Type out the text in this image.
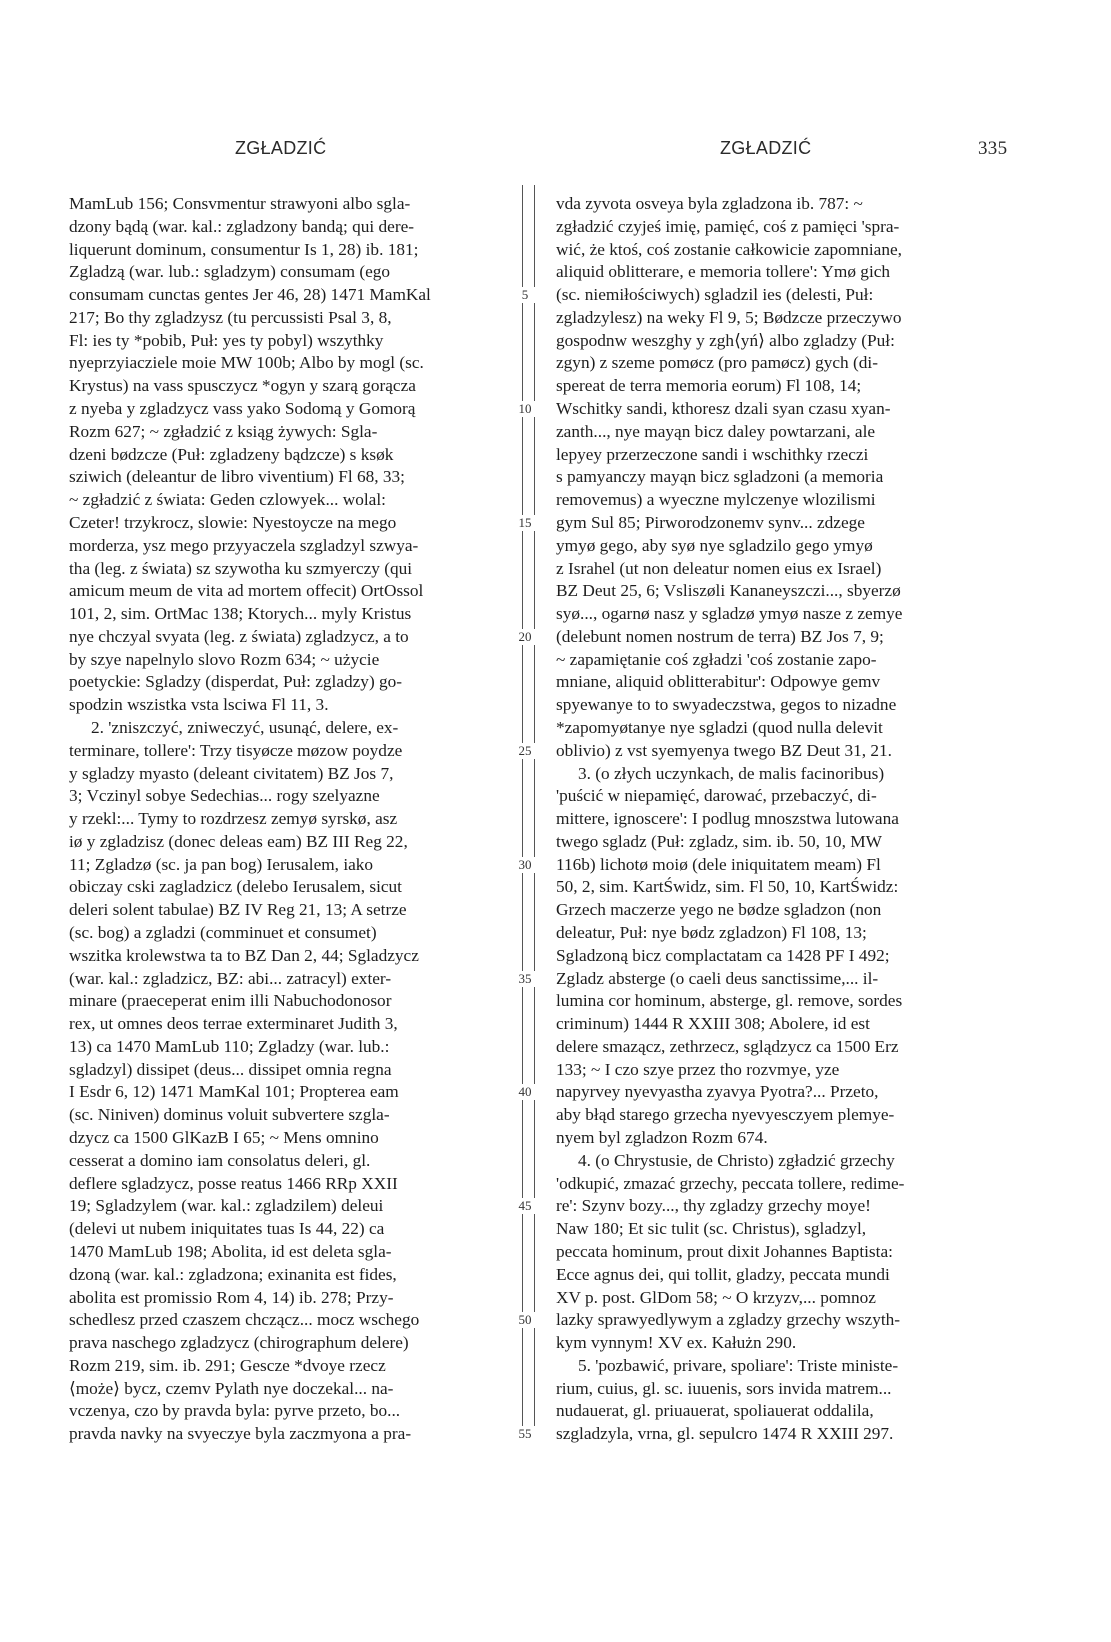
ZGŁADZIĆ	ZGŁADZIĆ	335
5
10
15
20
25
30
35
40
45
50
55
MamLub 156; Consvmentur strawyoni albo sgla-
dzony bądą (war. kal.: zgladzony bandą; qui dere-
liquerunt dominum, consumentur Is 1, 28) ib. 181;
Zgladzą (war. lub.: sgladzym) consumam (ego
consumam cunctas gentes Jer 46, 28) 1471 MamKal
217; Bo thy zgladzysz (tu percussisti Psal 3, 8,
Fl: ies ty *pobib, Puł: yes ty pobyl) wszythky
nyeprzyiacziele moie MW 100b; Albo by mogl (sc.
Krystus) na vass spusczycz *ogyn y szarą gorącza
z nyeba y zgladzycz vass yako Sodomą y Gomorą
Rozm 627; ~ zgładzić z ksiąg żywych: Sgla-
dzeni bødzcze (Puł: zgladzeny bądzcze) s ksøk
sziwich (deleantur de libro viventium) Fl 68, 33;
~ zgładzić z świata: Geden czlowyek... wolal:
Czeter! trzykrocz, slowie: Nyestoycze na mego
morderza, ysz mego przyyaczela szgladzyl szwya-
tha (leg. z świata) sz szywotha ku szmyerczy (qui
amicum meum de vita ad mortem offecit) OrtOssol
101, 2, sim. OrtMac 138; Ktorych... myly Kristus
nye chczyal svyata (leg. z świata) zgladzycz, a to
by szye napelnylo slovo Rozm 634; ~ użycie
poetyckie: Sgladzy (disperdat, Puł: zgladzy) go-
spodzin wszistka vsta lsciwa Fl 11, 3.
2. 'zniszczyć, zniweczyć, usunąć, delere, ex-
terminare, tollere': Trzy tisyøcze møzow poydze
y sgladzy myasto (deleant civitatem) BZ Jos 7,
3; Vczinyl sobye Sedechias... rogy szelyazne
y rzekl:... Tymy to rozdrzesz zemyø syrskø, asz
iø y zgladzisz (donec deleas eam) BZ III Reg 22,
11; Zgladzø (sc. ja pan bog) Ierusalem, iako
obiczay cski zagladzicz (delebo Ierusalem, sicut
deleri solent tabulae) BZ IV Reg 21, 13; A setrze
(sc. bog) a zgladzi (comminuet et consumet)
wszitka krolewstwa ta to BZ Dan 2, 44; Sgladzycz
(war. kal.: zgladzicz, BZ: abi... zatracyl) exter-
minare (praeceperat enim illi Nabuchodonosor
rex, ut omnes deos terrae exterminaret Judith 3,
13) ca 1470 MamLub 110; Zgladzy (war. lub.:
sgladzyl) dissipet (deus... dissipet omnia regna
I Esdr 6, 12) 1471 MamKal 101; Propterea eam
(sc. Niniven) dominus voluit subvertere szgla-
dzycz ca 1500 GlKazB I 65; ~ Mens omnino
cesserat a domino iam consolatus deleri, gl.
deflere sgladzycz, posse reatus 1466 RRp XXII
19; Sgladzylem (war. kal.: zgladzilem) deleui
(delevi ut nubem iniquitates tuas Is 44, 22) ca
1470 MamLub 198; Abolita, id est deleta sgla-
dzoną (war. kal.: zgladzona; exinanita est fides,
abolita est promissio Rom 4, 14) ib. 278; Przy-
schedlesz przed czaszem chcząсz... mocz wschego
prava naschego zgladzycz (chirographum delere)
Rozm 219, sim. ib. 291; Gescze *dvoye rzecz
⟨może⟩ bycz, czemv Pylath nye doczekal... na-
vczenya, czo by pravda byla: pyrve przeto, bo...
pravda navky na svyeczye byla zaczmyona a pra-
vda zyvota osveya byla zgladzona ib. 787: ~
zgładzić czyjeś imię, pamięć, coś z pamięci 'spra-
wić, że ktoś, coś zostanie całkowicie zapomniane,
aliquid oblitterare, e memoria tollere': Ymø gich
(sc. niemiłościwych) sgladzil ies (delesti, Puł:
zgladzylesz) na weky Fl 9, 5; Bødzcze przeczywo
gospodnw weszghy y zgh⟨yń⟩ albo zgladzy (Puł:
zgyn) z szeme pomøcz (pro pamøcz) gych (di-
spereat de terra memoria eorum) Fl 108, 14;
Wschitky sandi, kthoresz dzali syan czasu xyan-
zanth..., nye mayąn bicz daley powtarzani, ale
lepyey przerzeczone sandi i wschithky rzeczi
s pamyanczy mayąn bicz sgladzoni (a memoria
removemus) a wyeczne mylczenye wlozilismi
gym Sul 85; Pirworodzonemv synv... zdzege
ymyø gego, aby syø nye sgladzilo gego ymyø
z Israhel (ut non deleatur nomen eius ex Israel)
BZ Deut 25, 6; Vsliszøli Kananeyszczi..., sbyerzø
syø..., ogarnø nasz y sgladzø ymyø nasze z zemye
(delebunt nomen nostrum de terra) BZ Jos 7, 9;
~ zapamiętanie coś zgładzi 'coś zostanie zapo-
mniane, aliquid oblitterabitur': Odpowye gemv
spyewanye to to swyadeczstwa, gegos to nizadne
*zapomyøtanye nye sgladzi (quod nulla delevit
oblivio) z vst syemyenya twego BZ Deut 31, 21.
3. (o złych uczynkach, de malis facinoribus)
'puścić w niepamięć, darować, przebaczyć, di-
mittere, ignoscere': I podlug mnoszstwa lutowana
twego sgladz (Puł: zgladz, sim. ib. 50, 10, MW
116b) lichotø moiø (dele iniquitatem meam) Fl
50, 2, sim. KartŚwidz, sim. Fl 50, 10, KartŚwidz:
Grzech maczerze yego ne bødze sgladzon (non
deleatur, Puł: nye bødz zgladzon) Fl 108, 13;
Sgladzoną bicz complactatam ca 1428 PF I 492;
Zgladz absterge (o caeli deus sanctissime,... il-
lumina cor hominum, absterge, gl. remove, sordes
criminum) 1444 R XXIII 308; Abolere, id est
delere smazącz, zethrzecz, sglądzycz ca 1500 Erz
133; ~ I czo szye przez tho rozvmye, yze
napyrvey nyevyastha zyavya Pyotra?... Przeto,
aby błąd starego grzecha nyevyesczyem plemye-
nyem byl zgladzon Rozm 674.
4. (o Chrystusie, de Christo) zgładzić grzechy
'odkupić, zmazać grzechy, peccata tollere, redime-
re': Szynv bozy..., thy zgladzy grzechy moye!
Naw 180; Et sic tulit (sc. Christus), sgladzyl,
peccata hominum, prout dixit Johannes Baptista:
Ecce agnus dei, qui tollit, gladzy, peccata mundi
XV p. post. GlDom 58; ~ O krzyzv,... pomnoz
lazky sprawyedlywym a zgladzy grzechy wszyth-
kym vynnym! XV ex. Kałużn 290.
5. 'pozbawić, privare, spoliare': Triste ministe-
rium, cuius, gl. sc. iuuenis, sors invida matrem...
nudauerat, gl. priuauerat, spoliauerat oddalila,
szgladzyla, vrna, gl. sepulcro 1474 R XXIII 297.
